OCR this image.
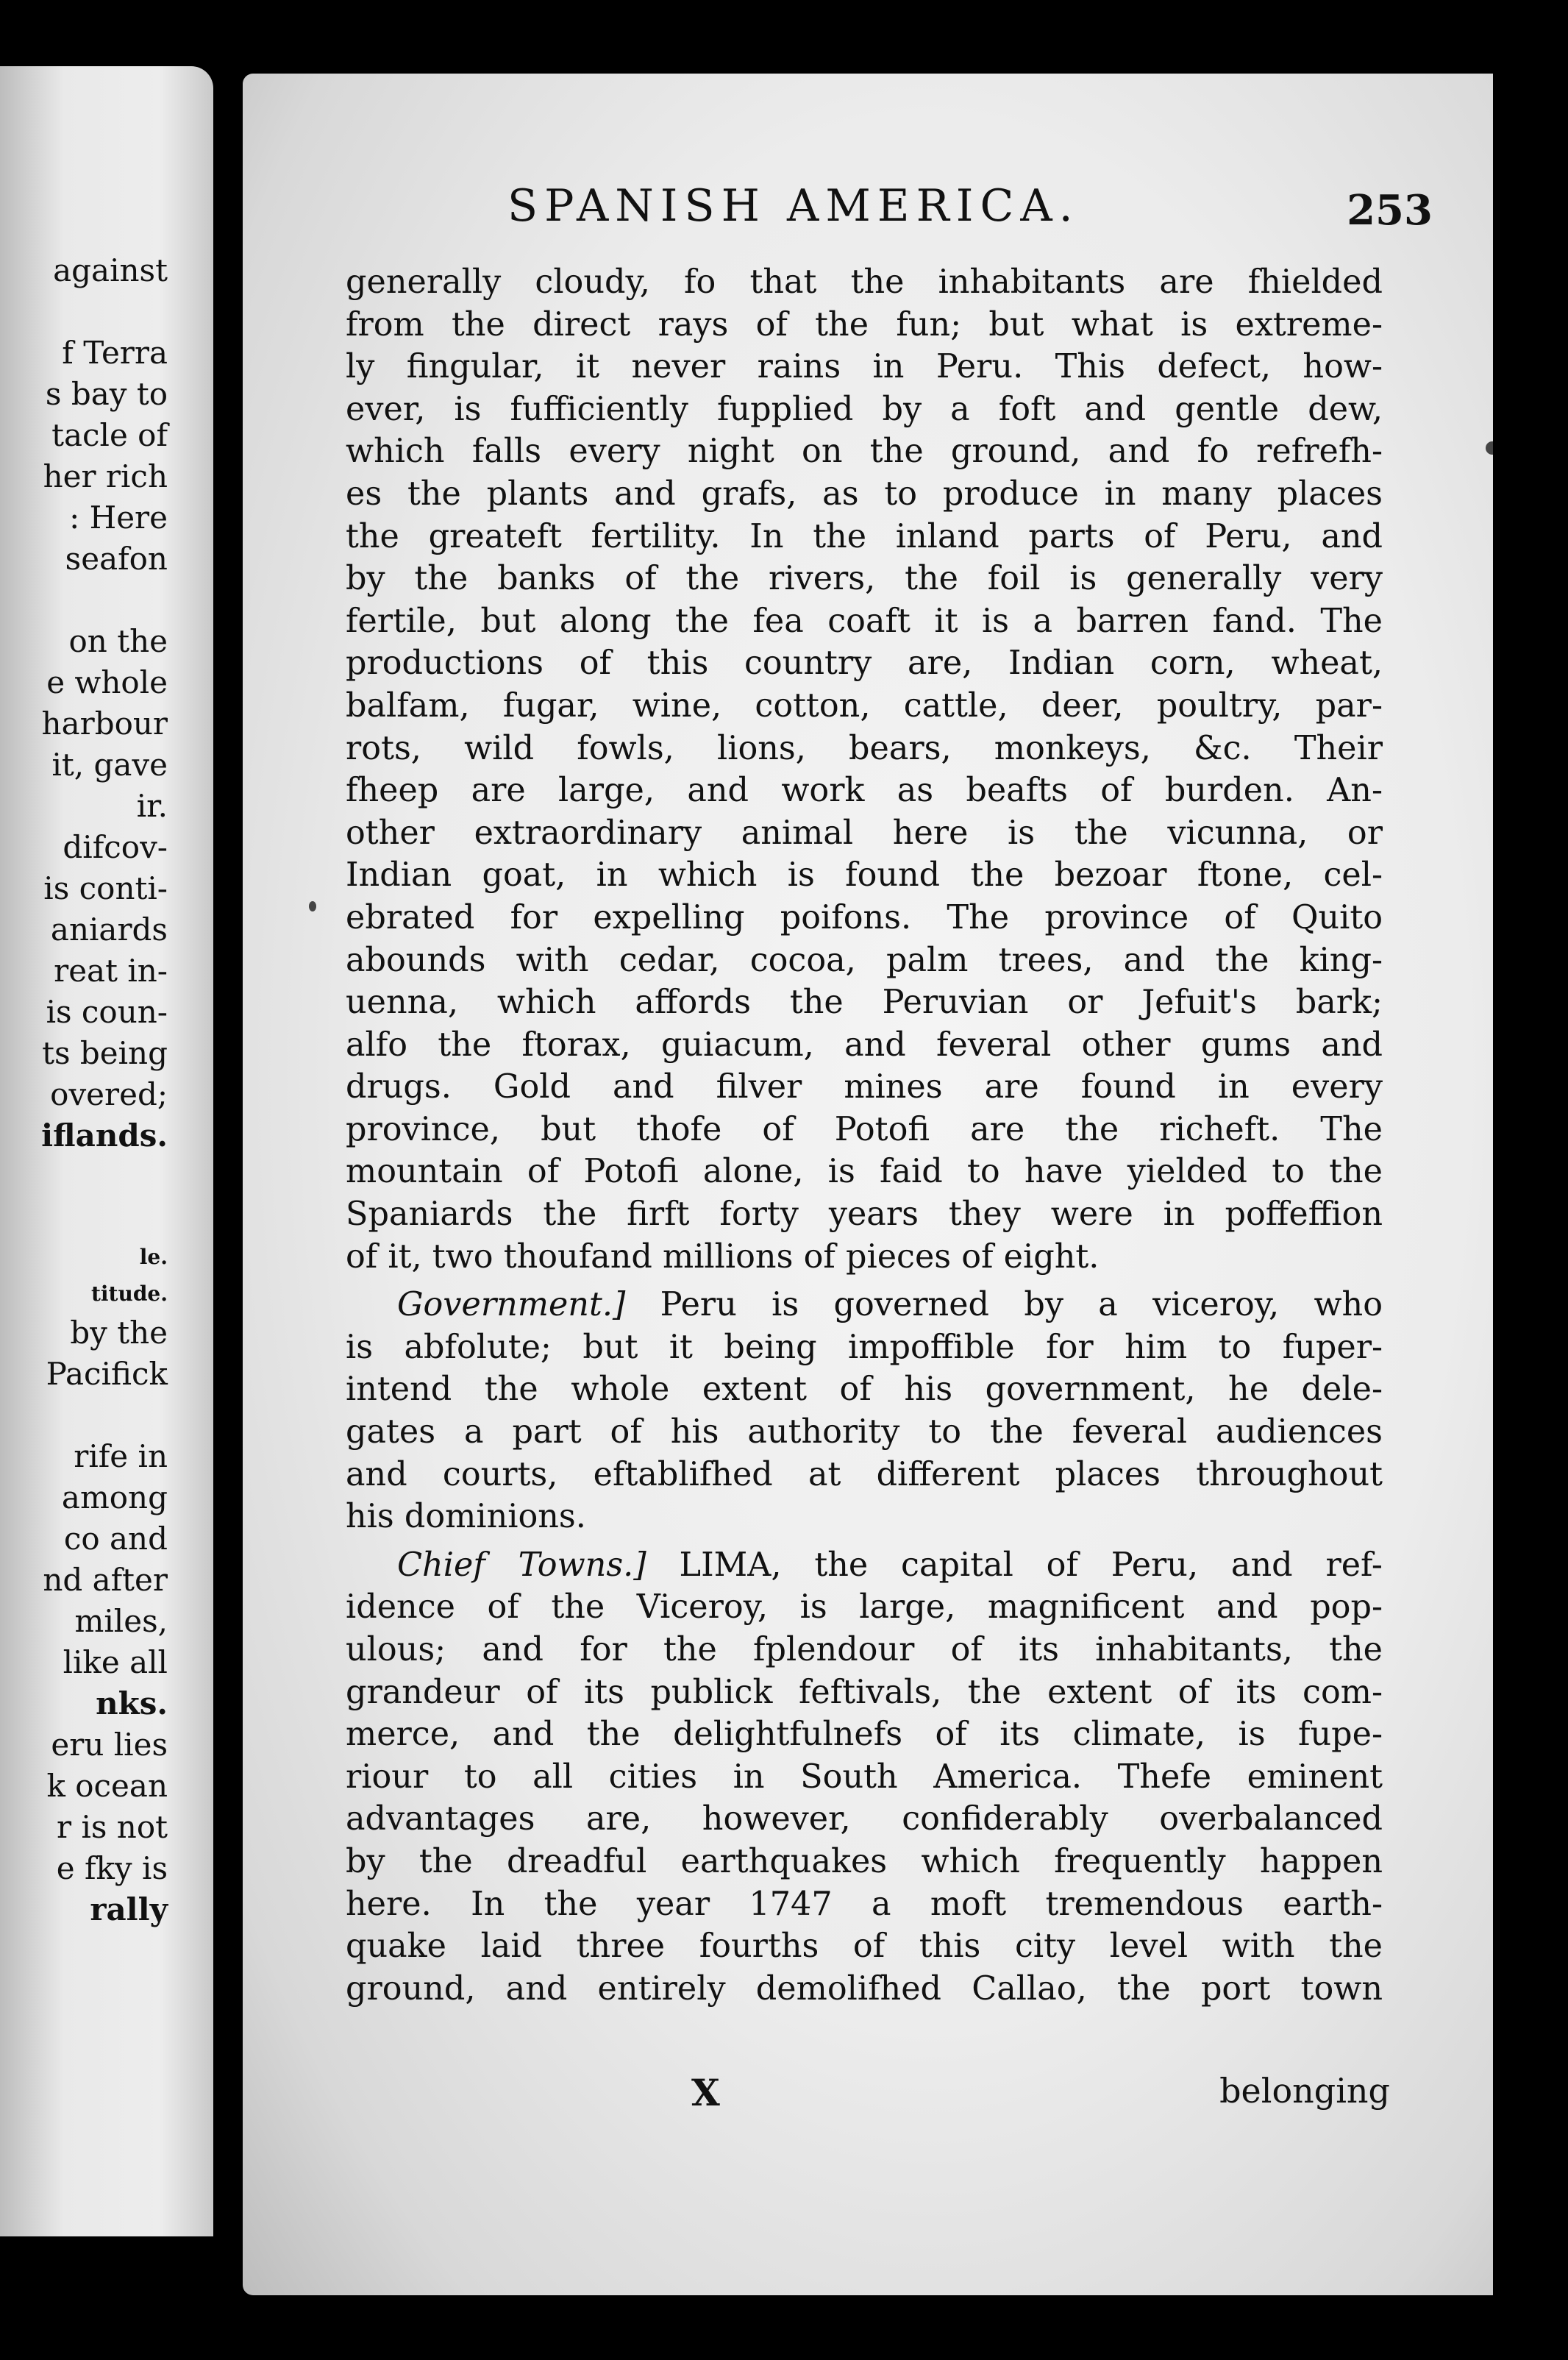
against
f Terra
s bay to
tacle of
her rich
: Here
seafon
on the
e whole
harbour
it, gave
ir.
difcov-
is conti-
aniards
reat in-
is coun-
ts being
overed;
iflands.
le.
titude.
by the
Pacifick
rife in
among
co and
nd after
miles,
like all
nks.
eru lies
k ocean
r is not
e fky is
rally
SPANISH AMERICA.	253
generally cloudy, fo that the inhabitants are fhielded
from the direct rays of the fun; but what is extreme-
ly fingular, it never rains in Peru. This defect, how-
ever, is fufficiently fupplied by a foft and gentle dew,
which falls every night on the ground, and fo refrefh-
es the plants and grafs, as to produce in many places
the greateft fertility. In the inland parts of Peru, and
by the banks of the rivers, the foil is generally very
fertile, but along the fea coaft it is a barren fand. The
productions of this country are, Indian corn, wheat,
balfam, fugar, wine, cotton, cattle, deer, poultry, par-
rots, wild fowls, lions, bears, monkeys, &c. Their
fheep are large, and work as beafts of burden. An-
other extraordinary animal here is the vicunna, or
Indian goat, in which is found the bezoar ftone, cel-
ebrated for expelling poifons. The province of Quito
abounds with cedar, cocoa, palm trees, and the king-
uenna, which affords the Peruvian or Jefuit's bark;
alfo the ftorax, guiacum, and feveral other gums and
drugs. Gold and filver mines are found in every
province, but thofe of Potofi are the richeft. The
mountain of Potofi alone, is faid to have yielded to the
Spaniards the firft forty years they were in poffeffion
of it, two thoufand millions of pieces of eight.
Government.] Peru is governed by a viceroy, who
is abfolute; but it being impoffible for him to fuper-
intend the whole extent of his government, he dele-
gates a part of his authority to the feveral audiences
and courts, eftablifhed at different places throughout
his dominions.
Chief Towns.] LIMA, the capital of Peru, and ref-
idence of the Viceroy, is large, magnificent and pop-
ulous; and for the fplendour of its inhabitants, the
grandeur of its publick feftivals, the extent of its com-
merce, and the delightfulnefs of its climate, is fupe-
riour to all cities in South America. Thefe eminent
advantages are, however, confiderably overbalanced
by the dreadful earthquakes which frequently happen
here. In the year 1747 a moft tremendous earth-
quake laid three fourths of this city level with the
ground, and entirely demolifhed Callao, the port town
X	belonging
